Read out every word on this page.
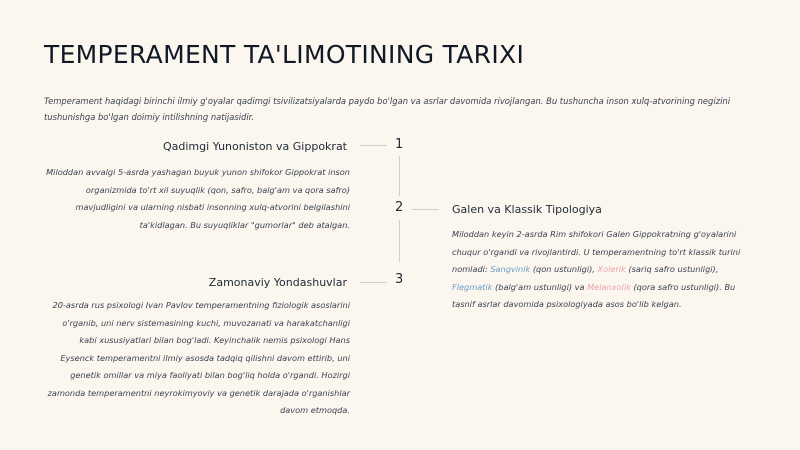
TEMPERAMENT TA'LIMOTINING TARIXI

Temperament haqidagi birinchi ilmiy g'oyalar qadimgi tsivilizatsiyalarda paydo bo'lgan va asrlar davomida rivojlangan. Bu tushuncha inson xulq-atvorining negizini tushunishga bo'lgan doimiy intilishning natijasidir.

1
2
3
Qadimgi Yunoniston va Gippokrat

Miloddan avvalgi 5-asrda yashagan buyuk yunon shifokor Gippokrat inson organizmida to'rt xil suyuqlik (qon, safro, balg'am va qora safro) mavjudligini va ularning nisbati insonning xulq-atvorini belgilashini ta'kidlagan. Bu suyuqliklar "gumorlar" deb atalgan.

Galen va Klassik Tipologiya

Miloddan keyin 2-asrda Rim shifokori Galen Gippokratning g'oyalarini chuqur o'rgandi va rivojlantirdi. U temperamentning to'rt klassik turini nomladi: Sangvinik (qon ustunligi), Xolerik (sariq safro ustunligi), Flegmatik (balg'am ustunligi) va Melanxolik (qora safro ustunligi). Bu tasnif asrlar davomida psixologiyada asos bo'lib kelgan.

Zamonaviy Yondashuvlar

20-asrda rus psixologi Ivan Pavlov temperamentning fiziologik asoslarini o'rganib, uni nerv sistemasining kuchi, muvozanati va harakatchanligi kabi xususiyatlari bilan bog'ladi. Keyinchalik nemis psixologi Hans Eysenck temperamentni ilmiy asosda tadqiq qilishni davom ettirib, uni genetik omillar va miya faoliyati bilan bog'liq holda o'rgandi. Hozirgi zamonda temperamentni neyrokimyoviy va genetik darajada o'rganishlar davom etmoqda.
